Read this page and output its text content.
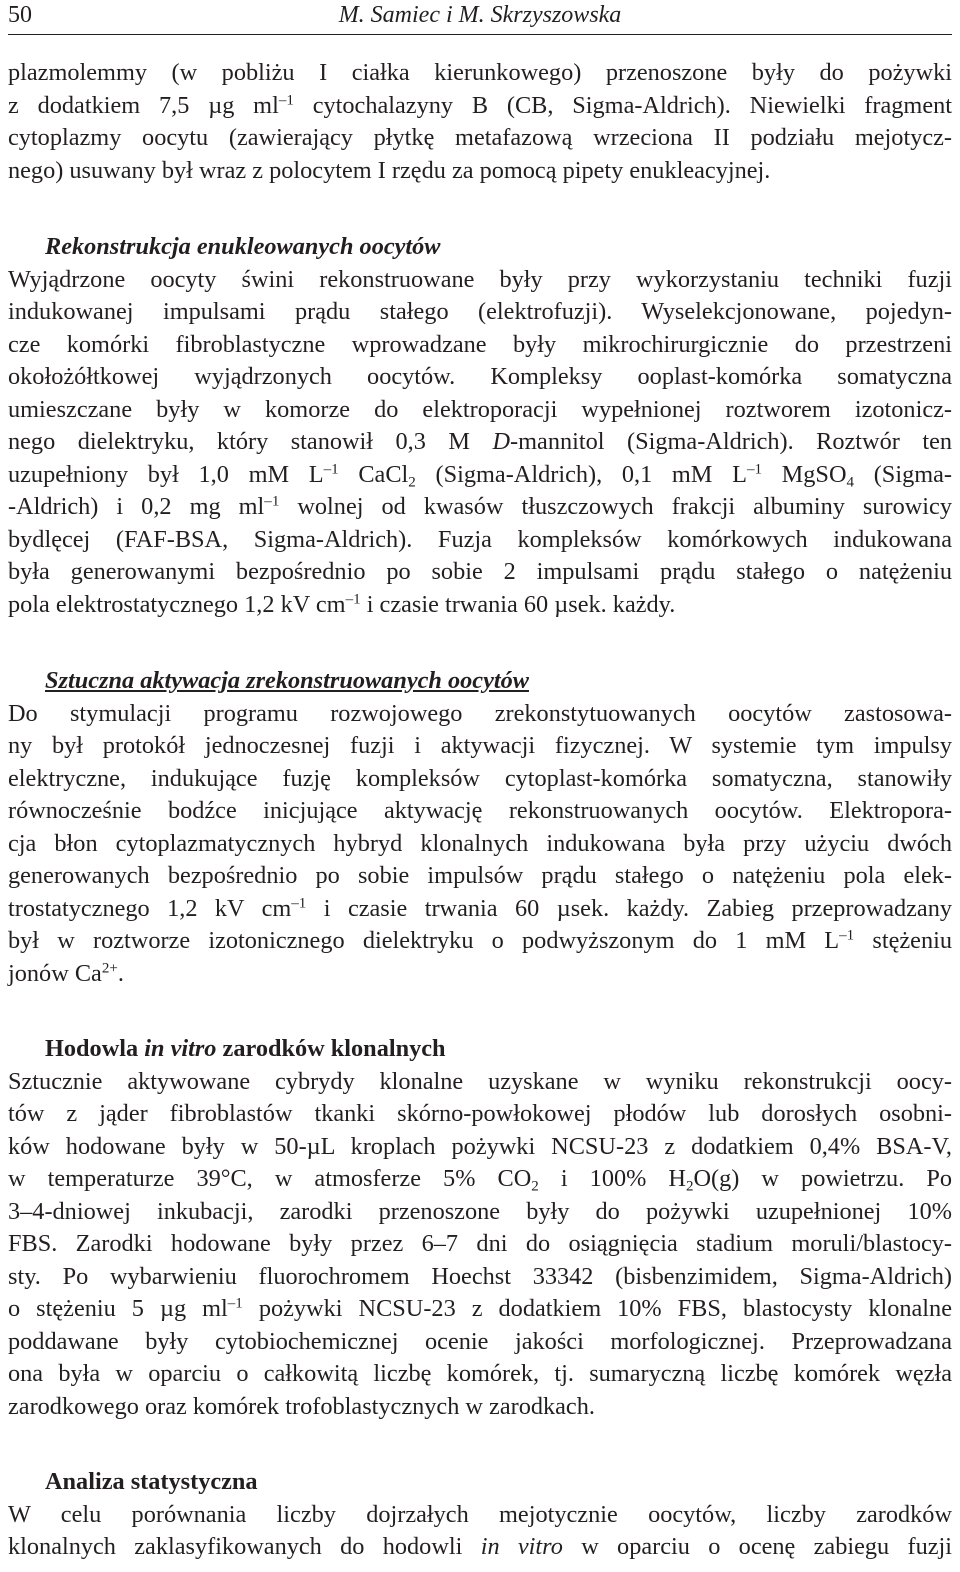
50	M. Samiec i M. Skrzyszowska
plazmolemmy (w pobliżu I ciałka kierunkowego) przenoszone były do pożywki
z dodatkiem 7,5 µg $ml^{-1}$ cytochalazyny B (CB, Sigma-Aldrich). Niewielki fragment
cytoplazmy oocytu (zawierający płytkę metafazową wrzeciona II podziału mejotycz-
nego) usuwany był wraz z polocytem I rzędu za pomocą pipety enukleacyjnej.
Rekonstrukcja enukleowanych oocytów
Wyjądrzone oocyty świni rekonstruowane były przy wykorzystaniu techniki fuzji
indukowanej impulsami prądu stałego (elektrofuzji). Wyselekcjonowane, pojedyn-
cze komórki fibroblastyczne wprowadzane były mikrochirurgicznie do przestrzeni
okołożółtkowej wyjądrzonych oocytów. Kompleksy ooplast-komórka somatyczna
umieszczane były w komorze do elektroporacji wypełnionej roztworem izotonicz-
nego dielektryku, który stanowił 0,3 M D-mannitol (Sigma-Aldrich). Roztwór ten
uzupełniony był 1,0 mM $L^{-1}$ CaCl$_2$ (Sigma-Aldrich), 0,1 mM $L^{-1}$ MgSO$_4$ (Sigma-
-Aldrich) i 0,2 mg $ml^{-1}$ wolnej od kwasów tłuszczowych frakcji albuminy surowicy
bydlęcej (FAF-BSA, Sigma-Aldrich). Fuzja kompleksów komórkowych indukowana
była generowanymi bezpośrednio po sobie 2 impulsami prądu stałego o natężeniu
pola elektrostatycznego 1,2 kV $cm^{-1}$ i czasie trwania 60 µsek. każdy.
Sztuczna aktywacja zrekonstruowanych oocytów
Do stymulacji programu rozwojowego zrekonstytuowanych oocytów zastosowa-
ny był protokół jednoczesnej fuzji i aktywacji fizycznej. W systemie tym impulsy
elektryczne, indukujące fuzję kompleksów cytoplast-komórka somatyczna, stanowiły
równocześnie bodźce inicjujące aktywację rekonstruowanych oocytów. Elektropora-
cja błon cytoplazmatycznych hybryd klonalnych indukowana była przy użyciu dwóch
generowanych bezpośrednio po sobie impulsów prądu stałego o natężeniu pola elek-
trostatycznego 1,2 kV $cm^{-1}$ i czasie trwania 60 µsek. każdy. Zabieg przeprowadzany
był w roztworze izotonicznego dielektryku o podwyższonym do 1 mM $L^{-1}$ stężeniu
jonów $Ca^{2+}$.
Hodowla in vitro zarodków klonalnych
Sztucznie aktywowane cybrydy klonalne uzyskane w wyniku rekonstrukcji oocy-
tów z jąder fibroblastów tkanki skórno-powłokowej płodów lub dorosłych osobni-
ków hodowane były w 50-µL kroplach pożywki NCSU-23 z dodatkiem 0,4% BSA-V,
w temperaturze 39°C, w atmosferze 5% $CO_2$ i 100% $H_2O(g)$ w powietrzu. Po
3–4-dniowej inkubacji, zarodki przenoszone były do pożywki uzupełnionej 10%
FBS. Zarodki hodowane były przez 6–7 dni do osiągnięcia stadium moruli/blastocy-
sty. Po wybarwieniu fluorochromem Hoechst 33342 (bisbenzimidem, Sigma-Aldrich)
o stężeniu 5 µg $ml^{-1}$ pożywki NCSU-23 z dodatkiem 10% FBS, blastocysty klonalne
poddawane były cytobiochemicznej ocenie jakości morfologicznej. Przeprowadzana
ona była w oparciu o całkowitą liczbę komórek, tj. sumaryczną liczbę komórek węzła
zarodkowego oraz komórek trofoblastycznych w zarodkach.
Analiza statystyczna
W celu porównania liczby dojrzałych mejotycznie oocytów, liczby zarodków
klonalnych zaklasyfikowanych do hodowli in vitro w oparciu o ocenę zabiegu fuzji
